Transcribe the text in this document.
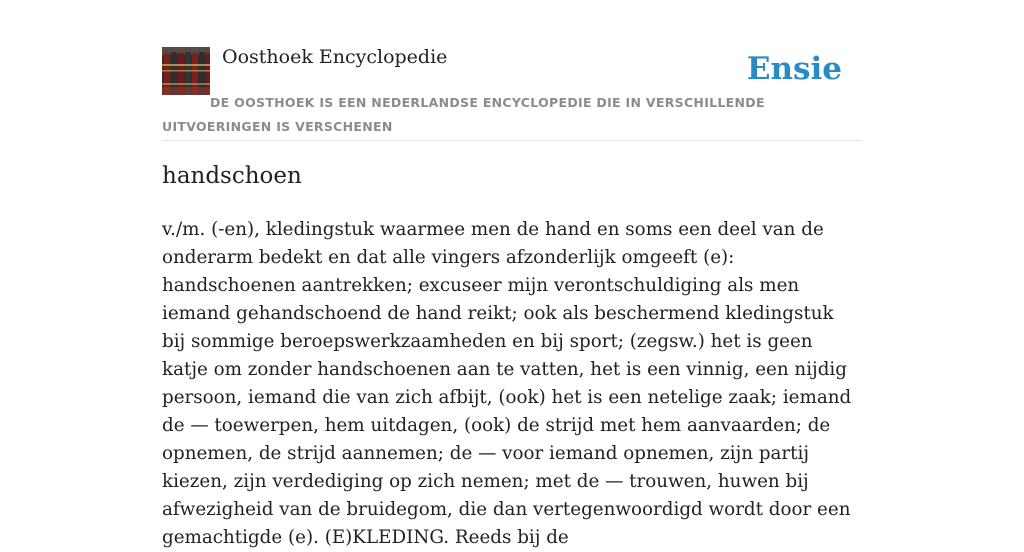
Oosthoek Encyclopedie	Ensie
DE OOSTHOEK IS EEN NEDERLANDSE ENCYCLOPEDIE DIE IN VERSCHILLENDE UITVOERINGEN IS VERSCHENEN
handschoen

v./m. (-en), kledingstuk waarmee men de hand en soms een deel van de onderarm bedekt en dat alle vingers afzonderlijk omgeeft (e): handschoenen aantrekken; excuseer mijn verontschuldiging als men iemand gehandschoend de hand reikt; ook als beschermend kledingstuk bij sommige beroepswerkzaamheden en bij sport; (zegsw.) het is geen katje om zonder handschoenen aan te vatten, het is een vinnig, een nijdig persoon, iemand die van zich afbijt, (ook) het is een netelige zaak; iemand de — toewerpen, hem uitdagen, (ook) de strijd met hem aanvaarden; de opnemen, de strijd aannemen; de — voor iemand opnemen, zijn partij kiezen, zijn verdediging op zich nemen; met de — trouwen, huwen bij afwezigheid van de bruidegom, die dan vertegenwoordigd wordt door een gemachtigde (e). (E)KLEDING. Reeds bij de
